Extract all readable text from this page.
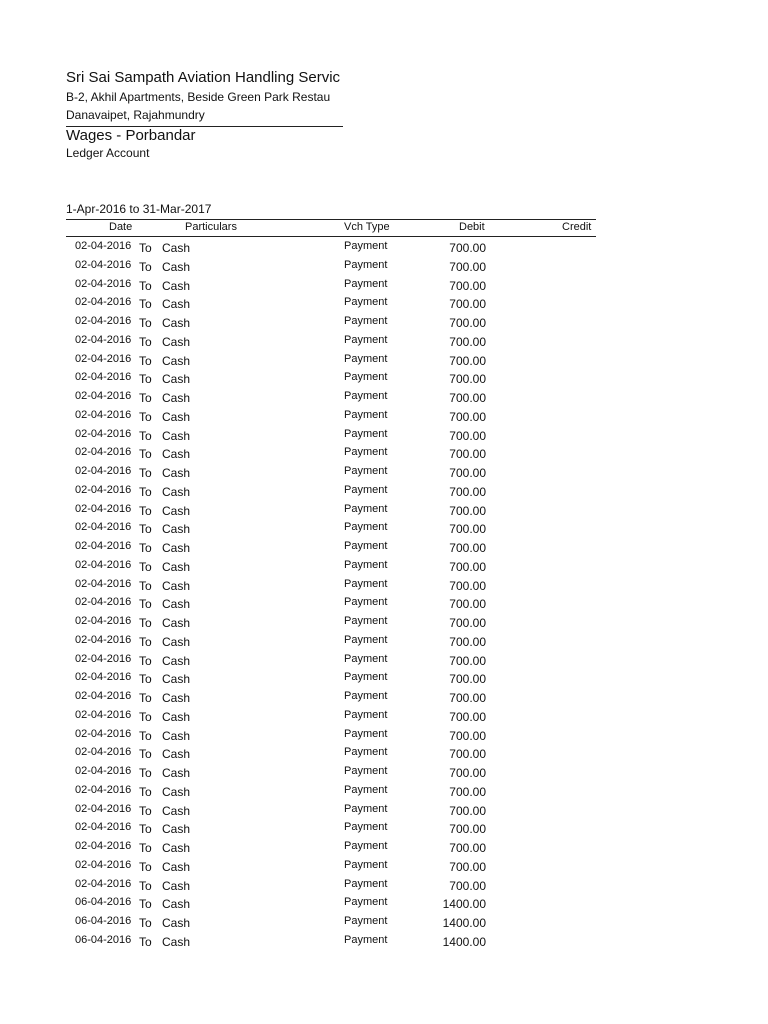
Sri Sai Sampath Aviation Handling Servic
B-2, Akhil Apartments, Beside Green Park Restau
Danavaipet, Rajahmundry
Wages - Porbandar
Ledger Account
1-Apr-2016 to 31-Mar-2017
Date	Particulars	Vch Type	Debit	Credit
02-04-2016 To Cash	Payment	700.00
02-04-2016 To Cash	Payment	700.00
02-04-2016 To Cash	Payment	700.00
02-04-2016 To Cash	Payment	700.00
02-04-2016 To Cash	Payment	700.00
02-04-2016 To Cash	Payment	700.00
02-04-2016 To Cash	Payment	700.00
02-04-2016 To Cash	Payment	700.00
02-04-2016 To Cash	Payment	700.00
02-04-2016 To Cash	Payment	700.00
02-04-2016 To Cash	Payment	700.00
02-04-2016 To Cash	Payment	700.00
02-04-2016 To Cash	Payment	700.00
02-04-2016 To Cash	Payment	700.00
02-04-2016 To Cash	Payment	700.00
02-04-2016 To Cash	Payment	700.00
02-04-2016 To Cash	Payment	700.00
02-04-2016 To Cash	Payment	700.00
02-04-2016 To Cash	Payment	700.00
02-04-2016 To Cash	Payment	700.00
02-04-2016 To Cash	Payment	700.00
02-04-2016 To Cash	Payment	700.00
02-04-2016 To Cash	Payment	700.00
02-04-2016 To Cash	Payment	700.00
02-04-2016 To Cash	Payment	700.00
02-04-2016 To Cash	Payment	700.00
02-04-2016 To Cash	Payment	700.00
02-04-2016 To Cash	Payment	700.00
02-04-2016 To Cash	Payment	700.00
02-04-2016 To Cash	Payment	700.00
02-04-2016 To Cash	Payment	700.00
02-04-2016 To Cash	Payment	700.00
02-04-2016 To Cash	Payment	700.00
02-04-2016 To Cash	Payment	700.00
02-04-2016 To Cash	Payment	700.00
06-04-2016 To Cash	Payment	1400.00
06-04-2016 To Cash	Payment	1400.00
06-04-2016 To Cash	Payment	1400.00
